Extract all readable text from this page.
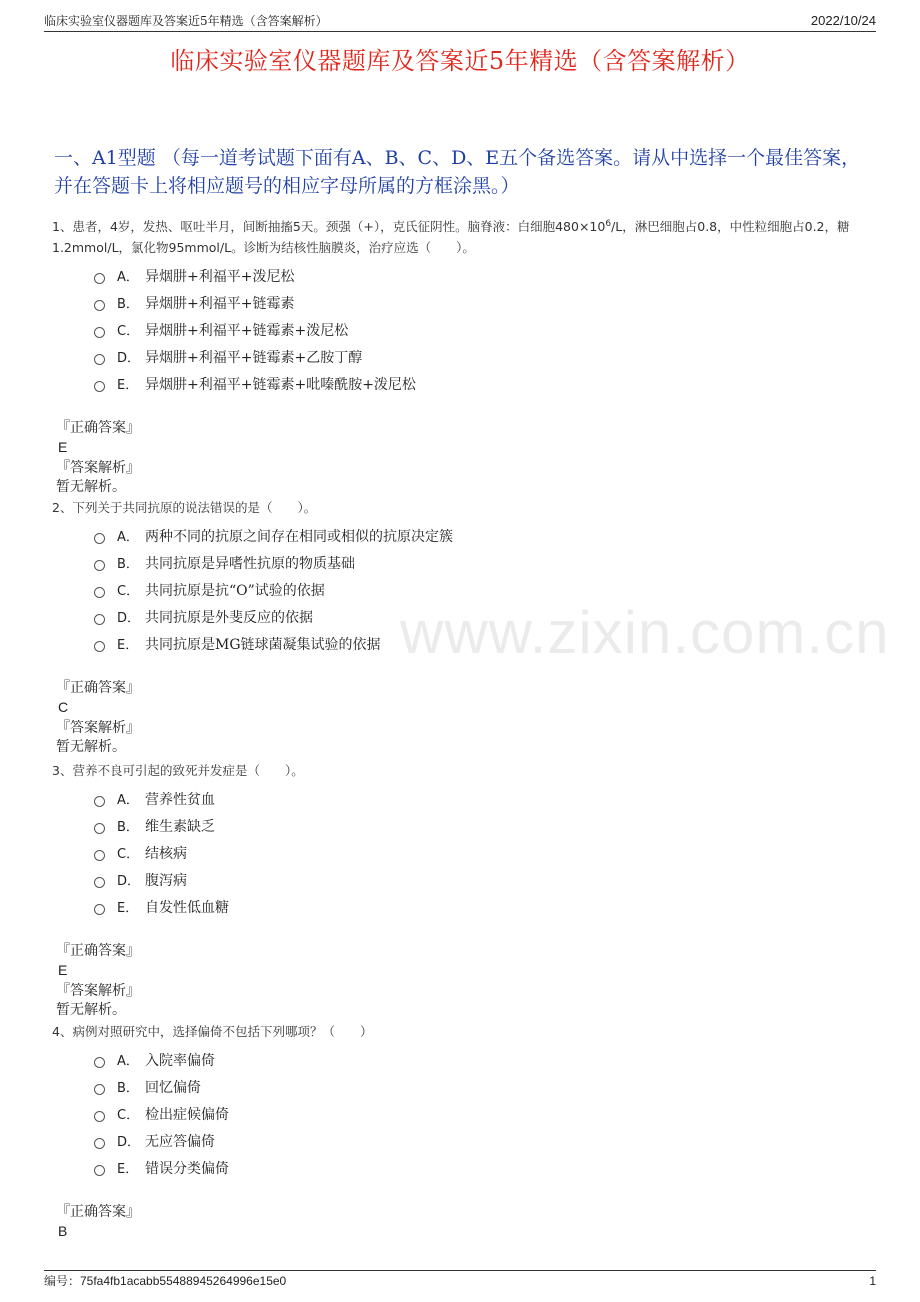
临床实验室仪器题库及答案近5年精选（含答案解析）	2022/10/24
临床实验室仪器题库及答案近5年精选（含答案解析）
一、A1型题 （每一道考试题下面有A、B、C、D、E五个备选答案。请从中选择一个最佳答案，并在答题卡上将相应题号的相应字母所属的方框涂黑。）
1、患者，4岁，发热、呕吐半月，间断抽搐5天。颈强（+），克氏征阴性。脑脊液：白细胞$480\times 10^6/L$，淋巴细胞占0.8，中性粒细胞占0.2，糖1.2mmol/L，氯化物95mmol/L。诊断为结核性脑膜炎，治疗应选（　　）。
A． 异烟肼+利福平+泼尼松
B． 异烟肼+利福平+链霉素
C． 异烟肼+利福平+链霉素+泼尼松
D． 异烟肼+利福平+链霉素+乙胺丁醇
E． 异烟肼+利福平+链霉素+吡嗪酰胺+泼尼松
『正确答案』
E
『答案解析』
暂无解析。
2、下列关于共同抗原的说法错误的是（　　）。
A． 两种不同的抗原之间存在相同或相似的抗原决定簇
B． 共同抗原是异嗜性抗原的物质基础
C． 共同抗原是抗“O”试验的依据
D． 共同抗原是外斐反应的依据
E． 共同抗原是MG链球菌凝集试验的依据
『正确答案』
C
『答案解析』
暂无解析。
3、营养不良可引起的致死并发症是（　　）。
A． 营养性贫血
B． 维生素缺乏
C． 结核病
D． 腹泻病
E． 自发性低血糖
『正确答案』
E
『答案解析』
暂无解析。
4、病例对照研究中，选择偏倚不包括下列哪项？（　　）
A． 入院率偏倚
B． 回忆偏倚
C． 检出症候偏倚
D． 无应答偏倚
E． 错误分类偏倚
『正确答案』
B
www.zixin.com.cn
编号：75fa4fb1acabb55488945264996e15e0	1
